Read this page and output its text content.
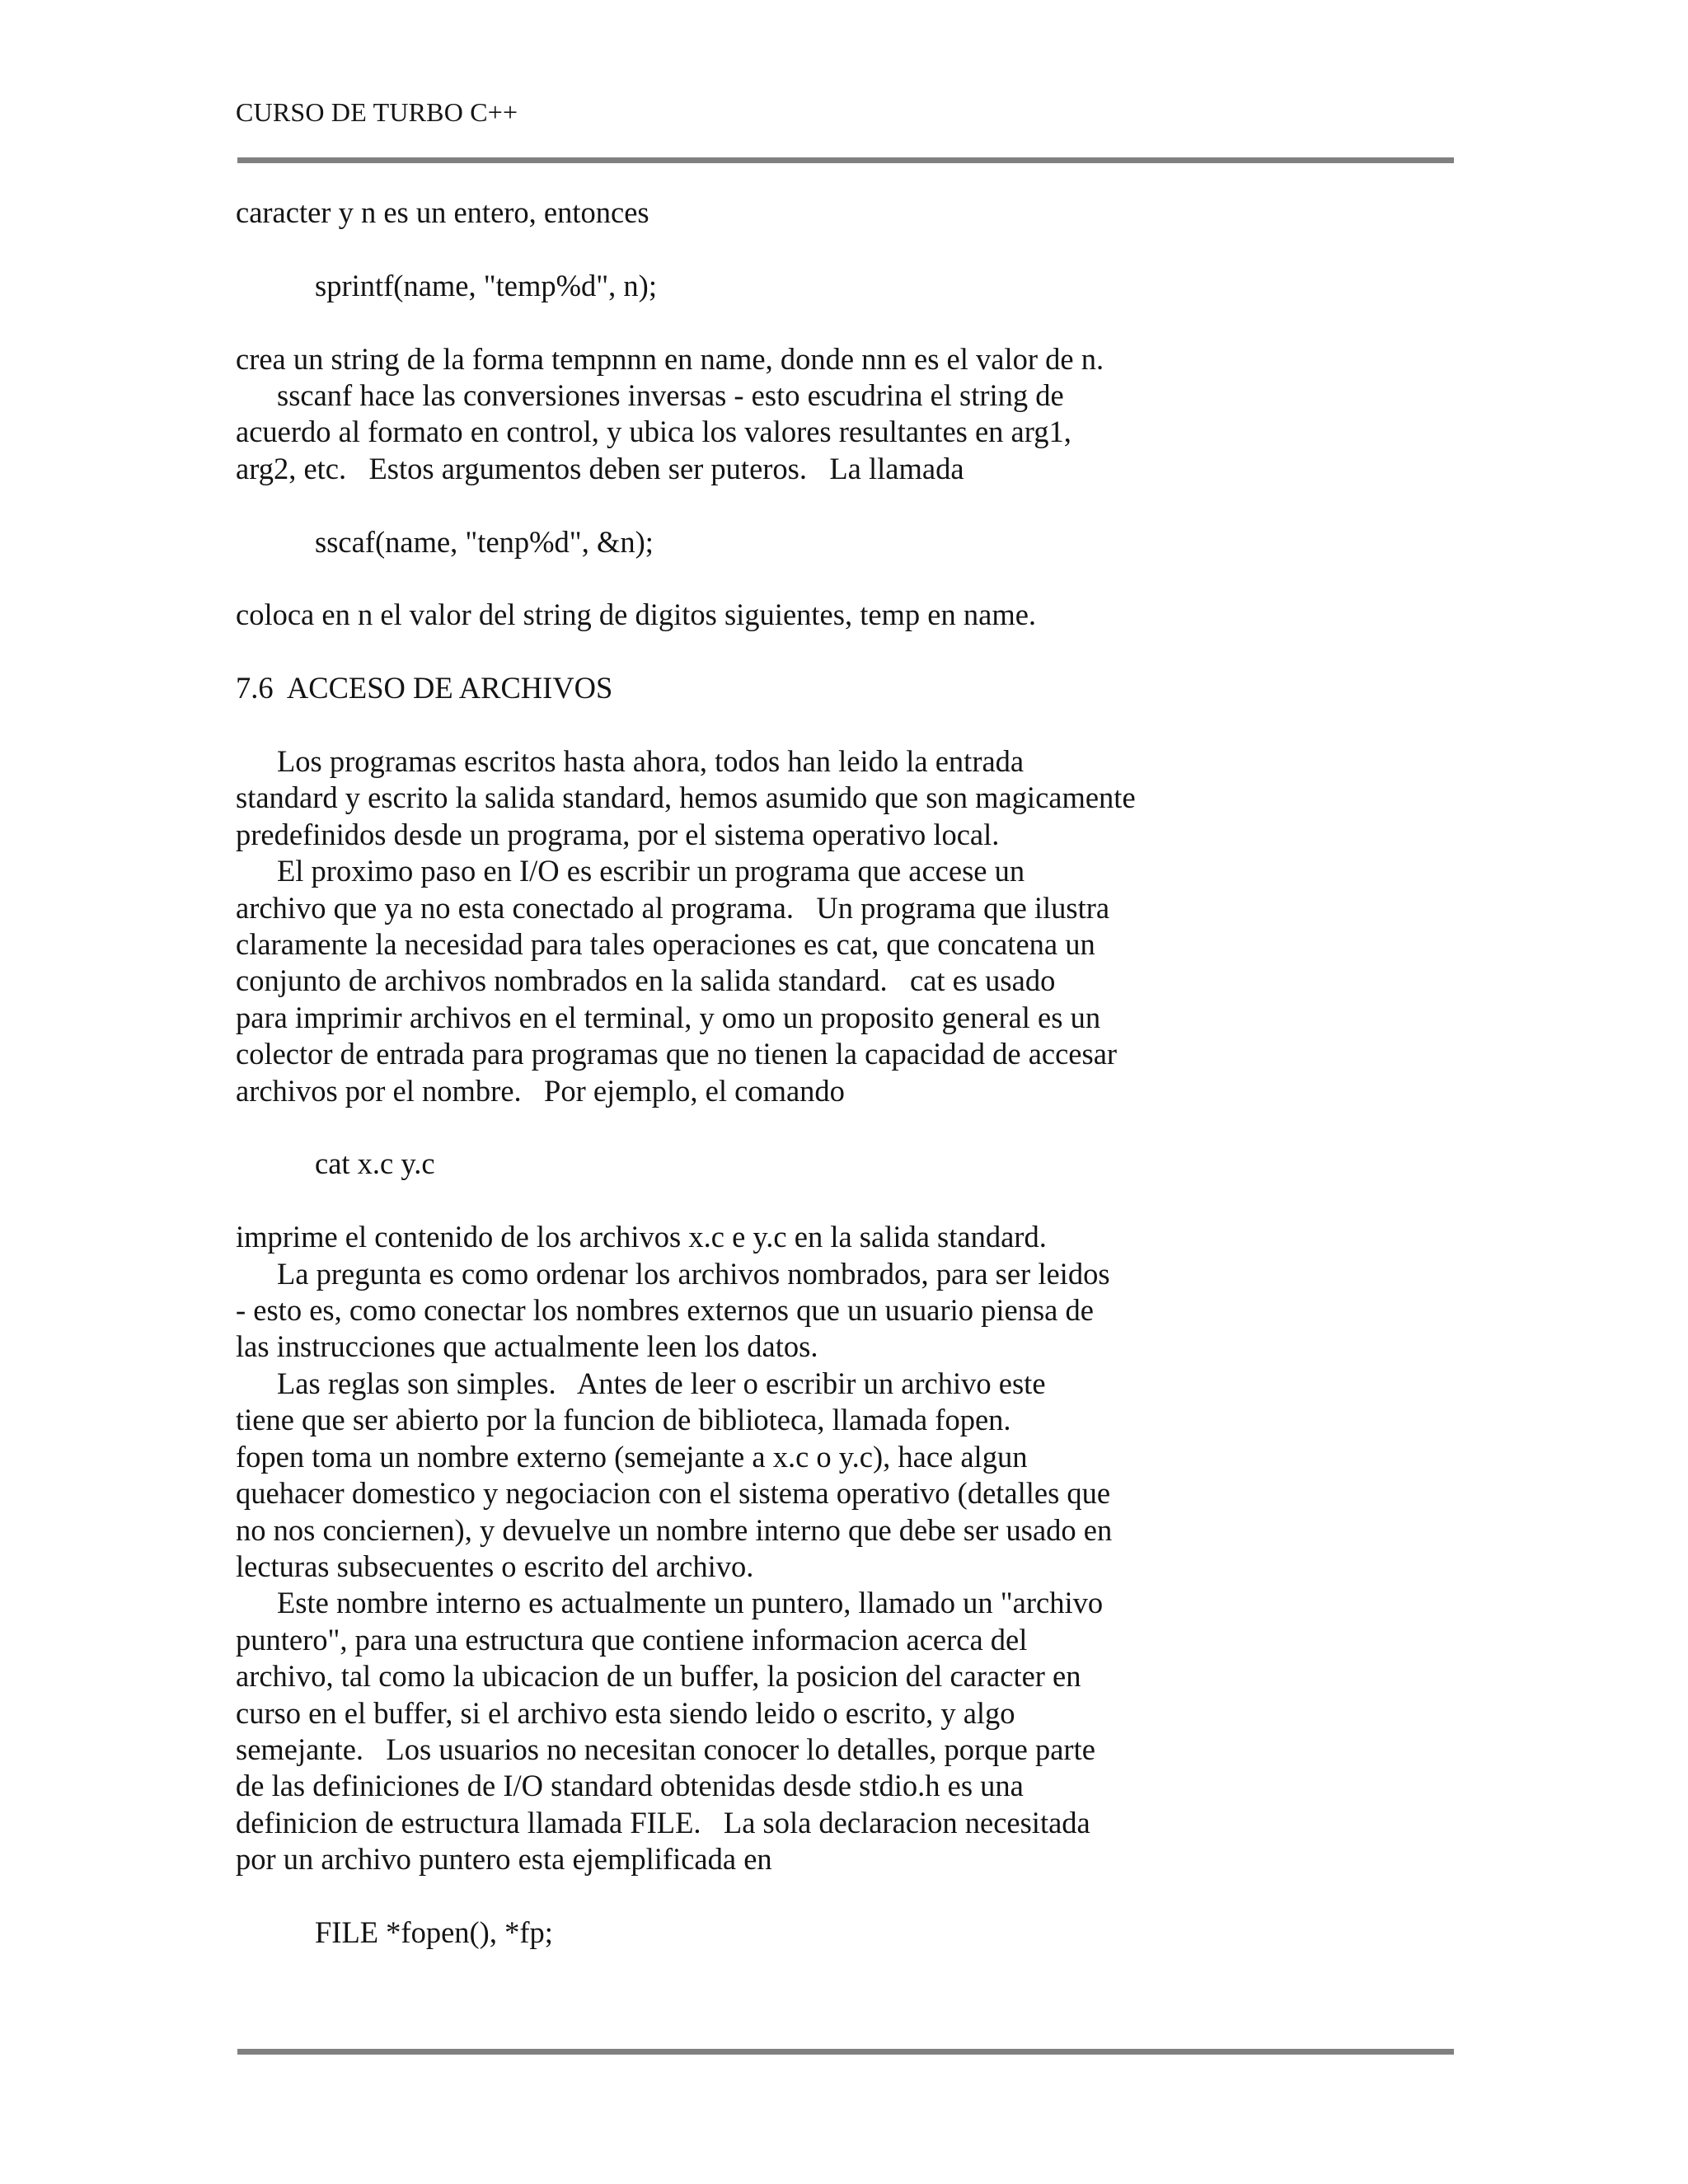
CURSO DE TURBO C++

caracter y n es un entero, entonces

sprintf(name, "temp%d", n);

crea un string de la forma tempnnn en name, donde nnn es el valor de n.

sscanf hace las conversiones inversas - esto escudrina el string de

acuerdo al formato en control, y ubica los valores resultantes en arg1,

arg2, etc.   Estos argumentos deben ser puteros.   La llamada

sscaf(name, "tenp%d", &n);

coloca en n el valor del string de digitos siguientes, temp en name.

7.6  ACCESO DE ARCHIVOS

Los programas escritos hasta ahora, todos han leido la entrada

standard y escrito la salida standard, hemos asumido que son magicamente

predefinidos desde un programa, por el sistema operativo local.

El proximo paso en I/O es escribir un programa que accese un

archivo que ya no esta conectado al programa.   Un programa que ilustra

claramente la necesidad para tales operaciones es cat, que concatena un

conjunto de archivos nombrados en la salida standard.   cat es usado

para imprimir archivos en el terminal, y omo un proposito general es un

colector de entrada para programas que no tienen la capacidad de accesar

archivos por el nombre.   Por ejemplo, el comando

cat x.c y.c

imprime el contenido de los archivos x.c e y.c en la salida standard.

La pregunta es como ordenar los archivos nombrados, para ser leidos

- esto es, como conectar los nombres externos que un usuario piensa de

las instrucciones que actualmente leen los datos.

Las reglas son simples.   Antes de leer o escribir un archivo este

tiene que ser abierto por la funcion de biblioteca, llamada fopen.

fopen toma un nombre externo (semejante a x.c o y.c), hace algun

quehacer domestico y negociacion con el sistema operativo (detalles que

no nos conciernen), y devuelve un nombre interno que debe ser usado en

lecturas subsecuentes o escrito del archivo.

Este nombre interno es actualmente un puntero, llamado un "archivo

puntero", para una estructura que contiene informacion acerca del

archivo, tal como la ubicacion de un buffer, la posicion del caracter en

curso en el buffer, si el archivo esta siendo leido o escrito, y algo

semejante.   Los usuarios no necesitan conocer lo detalles, porque parte

de las definiciones de I/O standard obtenidas desde stdio.h es una

definicion de estructura llamada FILE.   La sola declaracion necesitada

por un archivo puntero esta ejemplificada en

FILE *fopen(), *fp;
